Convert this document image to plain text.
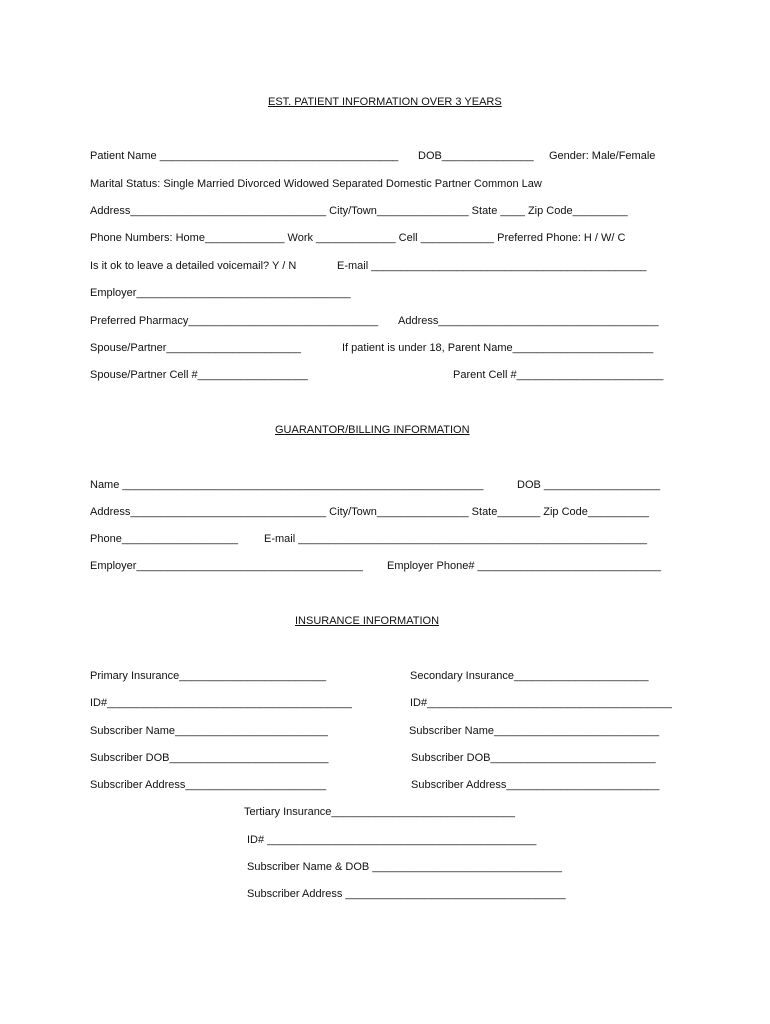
EST. PATIENT INFORMATION OVER 3 YEARS
Patient Name _______________________________________	DOB_______________ Gender: Male/Female
Marital Status: Single Married Divorced Widowed Separated Domestic Partner Common Law
Address________________________________ City/Town_______________ State ____ Zip Code_________
Phone Numbers: Home_____________ Work _____________ Cell ____________ Preferred Phone: H / W/ C
Is it ok to leave a detailed voicemail? Y / N	E-mail _____________________________________________
Employer___________________________________
Preferred Pharmacy_______________________________ Address____________________________________
Spouse/Partner______________________	If patient is under 18, Parent Name_______________________
Spouse/Partner Cell #__________________	Parent Cell #________________________
GUARANTOR/BILLING INFORMATION
Name ___________________________________________________________	DOB ___________________
Address________________________________ City/Town_______________ State_______ Zip Code__________
Phone___________________ E-mail _________________________________________________________
Employer_____________________________________ Employer Phone# ______________________________
INSURANCE INFORMATION
Primary Insurance________________________	Secondary Insurance______________________
ID#________________________________________	ID#________________________________________
Subscriber Name_________________________	Subscriber Name___________________________
Subscriber DOB__________________________	Subscriber DOB___________________________
Subscriber Address_______________________	Subscriber Address_________________________
Tertiary Insurance______________________________
ID# ____________________________________________
Subscriber Name & DOB _______________________________
Subscriber Address ____________________________________
